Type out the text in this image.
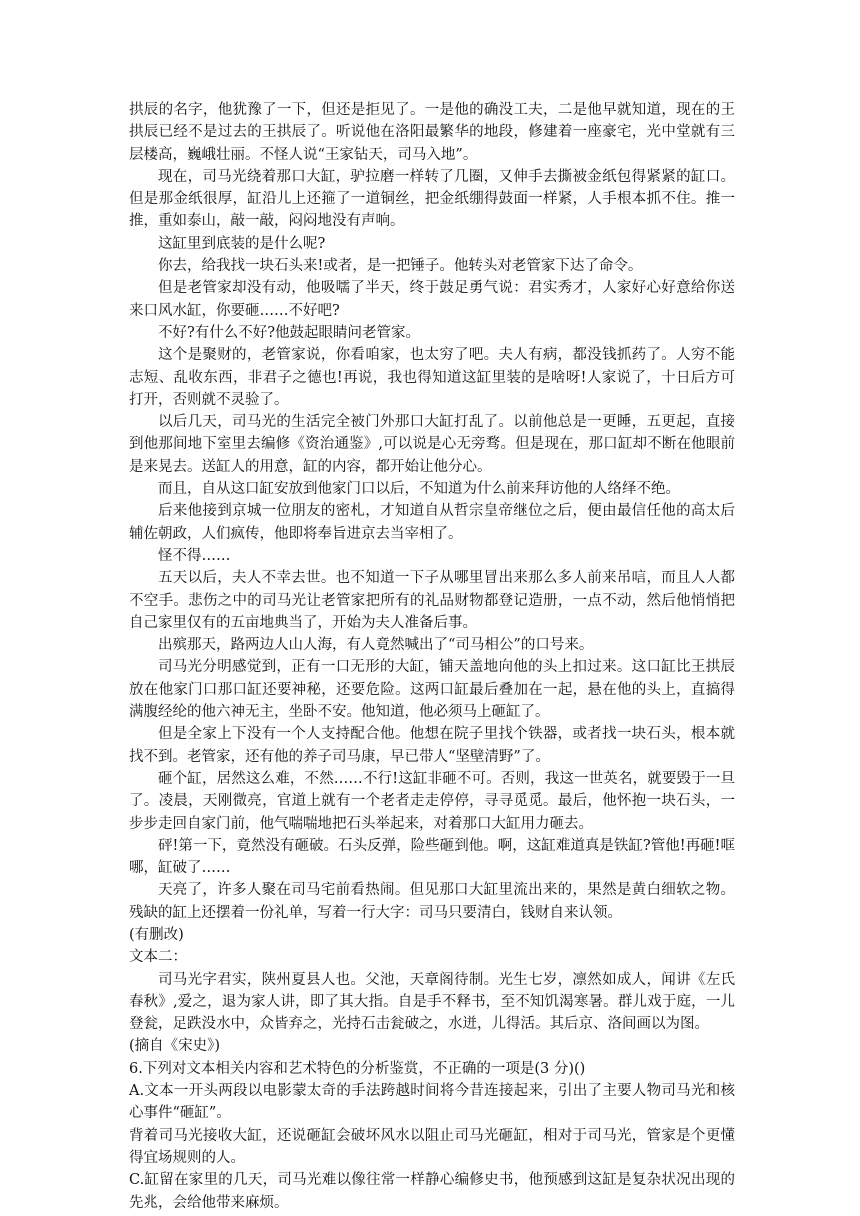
拱辰的名字，他犹豫了一下，但还是拒见了。一是他的确没工夫，二是他早就知道，现在的王拱辰已经不是过去的王拱辰了。听说他在洛阳最繁华的地段，修建着一座豪宅，光中堂就有三层楼高，巍峨壮丽。不怪人说“王家钻天，司马入地”。

现在，司马光绕着那口大缸，驴拉磨一样转了几圈，又伸手去撕被金纸包得紧紧的缸口。但是那金纸很厚，缸沿儿上还箍了一道铜丝，把金纸绷得鼓面一样紧，人手根本抓不住。推一推，重如泰山，敲一敲，闷闷地没有声响。

这缸里到底装的是什么呢?

你去，给我找一块石头来!或者，是一把锤子。他转头对老管家下达了命令。

但是老管家却没有动，他吸嚅了半天，终于鼓足勇气说：君实秀才，人家好心好意给你送来口风水缸，你要砸……不好吧?

不好?有什么不好?他鼓起眼睛问老管家。

这个是聚财的，老管家说，你看咱家，也太穷了吧。夫人有病，都没钱抓药了。人穷不能志短、乱收东西，非君子之德也!再说，我也得知道这缸里装的是啥呀!人家说了，十日后方可打开，否则就不灵验了。

以后几天，司马光的生活完全被门外那口大缸打乱了。以前他总是一更睡，五更起，直接到他那间地下室里去编修《资治通鉴》,可以说是心无旁骛。但是现在，那口缸却不断在他眼前是来晃去。送缸人的用意，缸的内容，都开始让他分心。

而且，自从这口缸安放到他家门口以后，不知道为什么前来拜访他的人络绎不绝。

后来他接到京城一位朋友的密札，才知道自从哲宗皇帝继位之后，便由最信任他的高太后辅佐朝政，人们疯传，他即将奉旨进京去当宰相了。

怪不得……

五天以后，夫人不幸去世。也不知道一下子从哪里冒出来那么多人前来吊唁，而且人人都不空手。悲伤之中的司马光让老管家把所有的礼品财物都登记造册，一点不动，然后他悄悄把自己家里仅有的五亩地典当了，开始为夫人准备后事。

出殡那天，路两边人山人海，有人竟然喊出了“司马相公”的口号来。

司马光分明感觉到，正有一口无形的大缸，铺天盖地向他的头上扣过来。这口缸比王拱辰放在他家门口那口缸还要神秘，还要危险。这两口缸最后叠加在一起，悬在他的头上，直搞得满腹经纶的他六神无主，坐卧不安。他知道，他必须马上砸缸了。

但是全家上下没有一个人支持配合他。他想在院子里找个铁器，或者找一块石头，根本就找不到。老管家，还有他的养子司马康，早已带人“坚壁清野”了。

砸个缸，居然这么难，不然……不行!这缸非砸不可。否则，我这一世英名，就要毁于一旦了。凌晨，天刚微亮，官道上就有一个老者走走停停，寻寻觅觅。最后，他怀抱一块石头，一步步走回自家门前，他气喘喘地把石头举起来，对着那口大缸用力砸去。

砰!第一下，竟然没有砸破。石头反弹，险些砸到他。啊，这缸难道真是铁缸?管他!再砸!哐哪，缸破了……

天亮了，许多人聚在司马宅前看热闹。但见那口大缸里流出来的，果然是黄白细软之物。残缺的缸上还摆着一份礼单，写着一行大字：司马只要清白，钱财自来认领。

(有删改)

文本二：

司马光字君实，陕州夏县人也。父池，天章阁待制。光生七岁，凛然如成人，闻讲《左氏春秋》,爱之，退为家人讲，即了其大指。自是手不释书，至不知饥渴寒暑。群儿戏于庭，一儿登瓮，足跌没水中，众皆弃之，光持石击瓮破之，水迸，儿得活。其后京、洛间画以为图。

(摘自《宋史》)

6.下列对文本相关内容和艺术特色的分析鉴赏，不正确的一项是(3 分)()

A.文本一开头两段以电影蒙太奇的手法跨越时间将今昔连接起来，引出了主要人物司马光和核心事件“砸缸”。

背着司马光接收大缸，还说砸缸会破坏风水以阻止司马光砸缸，相对于司马光，管家是个更懂得宜场规则的人。

C.缸留在家里的几天，司马光难以像往常一样静心编修史书，他预感到这缸是复杂状况出现的先兆，会给他带来麻烦。
